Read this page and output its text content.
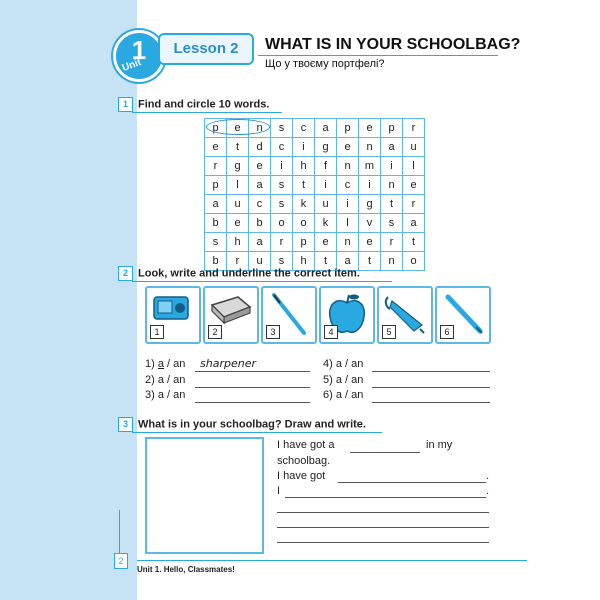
1
Unit
Lesson 2	WHAT IS IN YOUR SCHOOLBAG?
Що у твоєму портфелі?
1 Find and circle 10 words.
p	e	n	s	c	a	p	e	p	r
e	t	d	c	i	g	e	n	a	u
r	g	e	i	h	f	n	m	i	l
p	l	a	s	t	i	c	i	n	e
a	u	c	s	k	u	i	g	t	r
b	e	b	o	o	k	l	v	s	a
s	h	a	r	p	e	n	e	r	t
b	r	u	s	h	t	a	t	n	o
2 Look, write and underline the correct item.
1	2	3	4	5	6
1) a / an sharpener
2) a / an
3) a / an
4) a / an
5) a / an
6) a / an
3 What is in your schoolbag? Draw and write.
I have got a	in my
schoolbag.
I have got	.
I	.
2
Unit 1. Hello, Classmates!
